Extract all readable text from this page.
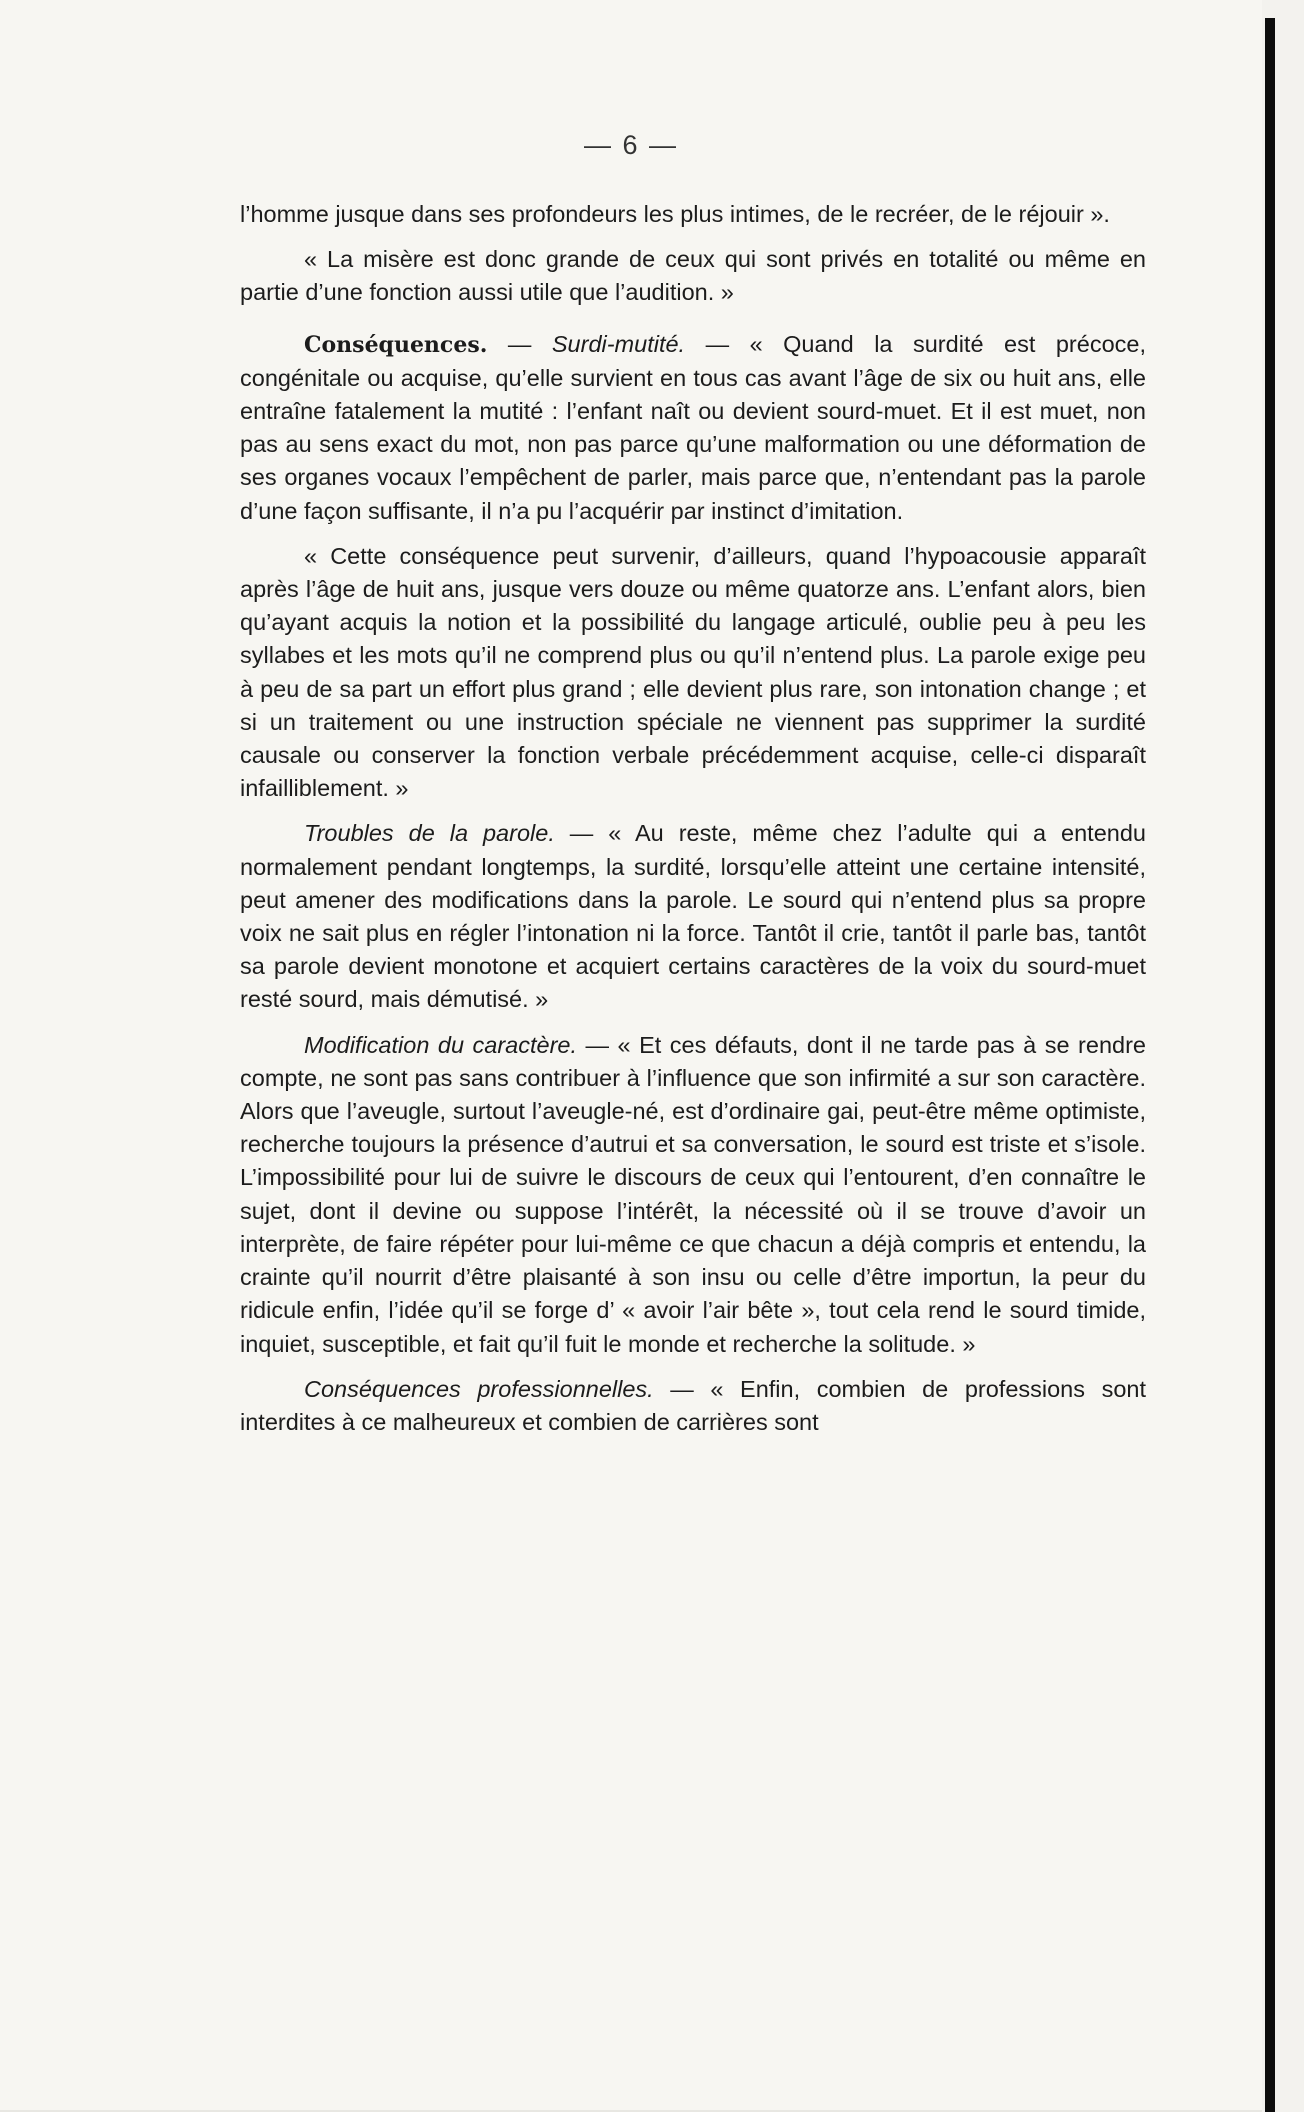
— 6 —

l’homme jusque dans ses profondeurs les plus intimes, de le recréer, de le réjouir ».

« La misère est donc grande de ceux qui sont privés en totalité ou même en partie d’une fonction aussi utile que l’audition. »

Conséquences. — Surdi-mutité. — « Quand la surdité est précoce, congénitale ou acquise, qu’elle survient en tous cas avant l’âge de six ou huit ans, elle entraîne fatalement la mutité : l’enfant naît ou devient sourd-muet. Et il est muet, non pas au sens exact du mot, non pas parce qu’une malformation ou une déformation de ses organes vocaux l’empêchent de parler, mais parce que, n’entendant pas la parole d’une façon suffisante, il n’a pu l’acquérir par instinct d’imitation.

« Cette conséquence peut survenir, d’ailleurs, quand l’hypoacousie apparaît après l’âge de huit ans, jusque vers douze ou même quatorze ans. L’enfant alors, bien qu’ayant acquis la notion et la possibilité du langage articulé, oublie peu à peu les syllabes et les mots qu’il ne comprend plus ou qu’il n’entend plus. La parole exige peu à peu de sa part un effort plus grand ; elle devient plus rare, son intonation change ; et si un traitement ou une instruction spéciale ne viennent pas supprimer la surdité causale ou conserver la fonction verbale précédemment acquise, celle-ci disparaît infailliblement. »

Troubles de la parole. — « Au reste, même chez l’adulte qui a entendu normalement pendant longtemps, la surdité, lorsqu’elle atteint une certaine intensité, peut amener des modifications dans la parole. Le sourd qui n’entend plus sa propre voix ne sait plus en régler l’intonation ni la force. Tantôt il crie, tantôt il parle bas, tantôt sa parole devient monotone et acquiert certains caractères de la voix du sourd-muet resté sourd, mais démutisé. »

Modification du caractère. — « Et ces défauts, dont il ne tarde pas à se rendre compte, ne sont pas sans contribuer à l’influence que son infirmité a sur son caractère. Alors que l’aveugle, surtout l’aveugle-né, est d’ordinaire gai, peut-être même optimiste, recherche toujours la présence d’autrui et sa conversation, le sourd est triste et s’isole. L’impossibilité pour lui de suivre le discours de ceux qui l’entourent, d’en connaître le sujet, dont il devine ou suppose l’intérêt, la nécessité où il se trouve d’avoir un interprète, de faire répéter pour lui-même ce que chacun a déjà compris et entendu, la crainte qu’il nourrit d’être plaisanté à son insu ou celle d’être importun, la peur du ridicule enfin, l’idée qu’il se forge d’ « avoir l’air bête », tout cela rend le sourd timide, inquiet, susceptible, et fait qu’il fuit le monde et recherche la solitude. »

Conséquences professionnelles. — « Enfin, combien de professions sont interdites à ce malheureux et combien de carrières sont
